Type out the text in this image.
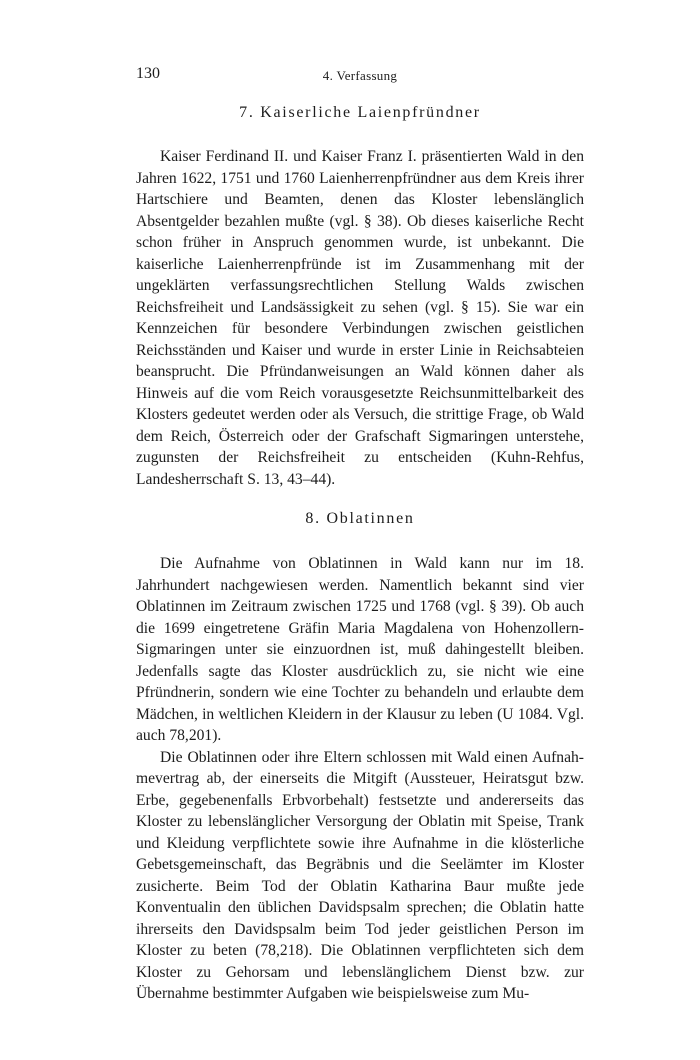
130	4. Verfassung
7. Kaiserliche Laienpfründner

Kaiser Ferdinand II. und Kaiser Franz I. präsentierten Wald in den Jahren 1622, 1751 und 1760 Laienherrenpfründner aus dem Kreis ihrer Hartschiere und Beamten, denen das Kloster lebenslänglich Absentgelder bezahlen mußte (vgl. § 38). Ob dieses kaiserliche Recht schon früher in Anspruch genommen wurde, ist unbekannt. Die kaiserliche Laienherrenpfründe ist im Zusammenhang mit der ungeklärten verfassungsrechtlichen Stellung Walds zwischen Reichsfreiheit und Landsässigkeit zu sehen (vgl. § 15). Sie war ein Kennzeichen für besondere Verbindungen zwischen geistlichen Reichsständen und Kaiser und wurde in erster Linie in Reichsabteien beansprucht. Die Pfründanweisungen an Wald können daher als Hinweis auf die vom Reich vorausgesetzte Reichsunmittelbarkeit des Klosters gedeutet werden oder als Versuch, die strittige Frage, ob Wald dem Reich, Österreich oder der Grafschaft Sigmaringen unterstehe, zugunsten der Reichsfreiheit zu entscheiden (Kuhn-Rehfus, Landesherrschaft S. 13, 43–44).

8. Oblatinnen

Die Aufnahme von Oblatinnen in Wald kann nur im 18. Jahrhundert nachgewiesen werden. Namentlich bekannt sind vier Oblatinnen im Zeitraum zwischen 1725 und 1768 (vgl. § 39). Ob auch die 1699 eingetretene Gräfin Maria Magdalena von Hohenzollern-Sigmaringen unter sie einzuordnen ist, muß dahingestellt bleiben. Jedenfalls sagte das Kloster ausdrücklich zu, sie nicht wie eine Pfründnerin, sondern wie eine Tochter zu behandeln und erlaubte dem Mädchen, in weltlichen Kleidern in der Klausur zu leben (U 1084. Vgl. auch 78,201).

Die Oblatinnen oder ihre Eltern schlossen mit Wald einen Aufnahmevertrag ab, der einerseits die Mitgift (Aussteuer, Heiratsgut bzw. Erbe, gegebenenfalls Erbvorbehalt) festsetzte und andererseits das Kloster zu lebenslänglicher Versorgung der Oblatin mit Speise, Trank und Kleidung verpflichtete sowie ihre Aufnahme in die klösterliche Gebetsgemeinschaft, das Begräbnis und die Seelämter im Kloster zusicherte. Beim Tod der Oblatin Katharina Baur mußte jede Konventualin den üblichen Davidspsalm sprechen; die Oblatin hatte ihrerseits den Davidspsalm beim Tod jeder geistlichen Person im Kloster zu beten (78,218). Die Oblatinnen verpflichteten sich dem Kloster zu Gehorsam und lebenslänglichem Dienst bzw. zur Übernahme bestimmter Aufgaben wie beispielsweise zum Mu-
